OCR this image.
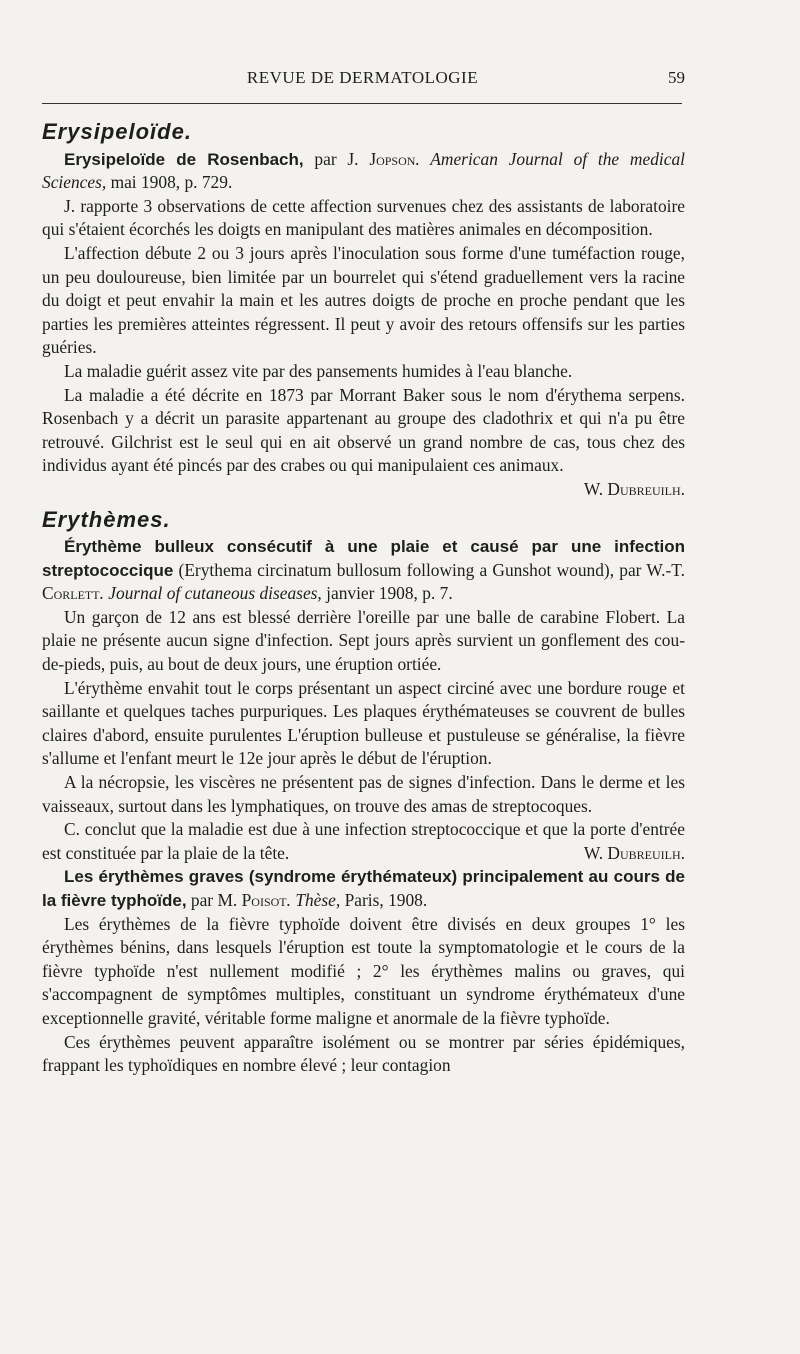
REVUE DE DERMATOLOGIE	59
Erysipeloïde.

Erysipeloïde de Rosenbach, par J. Jopson. American Journal of the medical Sciences, mai 1908, p. 729.

J. rapporte 3 observations de cette affection survenues chez des assistants de laboratoire qui s'étaient écorchés les doigts en manipulant des matières animales en décomposition.

L'affection débute 2 ou 3 jours après l'inoculation sous forme d'une tuméfaction rouge, un peu douloureuse, bien limitée par un bourrelet qui s'étend graduellement vers la racine du doigt et peut envahir la main et les autres doigts de proche en proche pendant que les parties les premières atteintes régressent. Il peut y avoir des retours offensifs sur les parties guéries.

La maladie guérit assez vite par des pansements humides à l'eau blanche.

La maladie a été décrite en 1873 par Morrant Baker sous le nom d'érythema serpens. Rosenbach y a décrit un parasite appartenant au groupe des cladothrix et qui n'a pu être retrouvé. Gilchrist est le seul qui en ait observé un grand nombre de cas, tous chez des individus ayant été pincés par des crabes ou qui manipulaient ces animaux.
W. Dubreuilh.

Erythèmes.

Érythème bulleux consécutif à une plaie et causé par une infection streptococcique (Erythema circinatum bullosum following a Gunshot wound), par W.-T. Corlett. Journal of cutaneous diseases, janvier 1908, p. 7.

Un garçon de 12 ans est blessé derrière l'oreille par une balle de carabine Flobert. La plaie ne présente aucun signe d'infection. Sept jours après survient un gonflement des cou-de-pieds, puis, au bout de deux jours, une éruption ortiée.

L'érythème envahit tout le corps présentant un aspect circiné avec une bordure rouge et saillante et quelques taches purpuriques. Les plaques érythémateuses se couvrent de bulles claires d'abord, ensuite purulentes L'éruption bulleuse et pustuleuse se généralise, la fièvre s'allume et l'enfant meurt le 12e jour après le début de l'éruption.

A la nécropsie, les viscères ne présentent pas de signes d'infection. Dans le derme et les vaisseaux, surtout dans les lymphatiques, on trouve des amas de streptocoques.

C. conclut que la maladie est due à une infection streptococcique et que la porte d'entrée est constituée par la plaie de la tête.	W. Dubreuilh.

Les érythèmes graves (syndrome érythémateux) principalement au cours de la fièvre typhoïde, par M. Poisot. Thèse, Paris, 1908.

Les érythèmes de la fièvre typhoïde doivent être divisés en deux groupes 1° les érythèmes bénins, dans lesquels l'éruption est toute la symptomatologie et le cours de la fièvre typhoïde n'est nullement modifié ; 2° les érythèmes malins ou graves, qui s'accompagnent de symptômes multiples, constituant un syndrome érythémateux d'une exceptionnelle gravité, véritable forme maligne et anormale de la fièvre typhoïde.

Ces érythèmes peuvent apparaître isolément ou se montrer par séries épidémiques, frappant les typhoïdiques en nombre élevé ; leur contagion
